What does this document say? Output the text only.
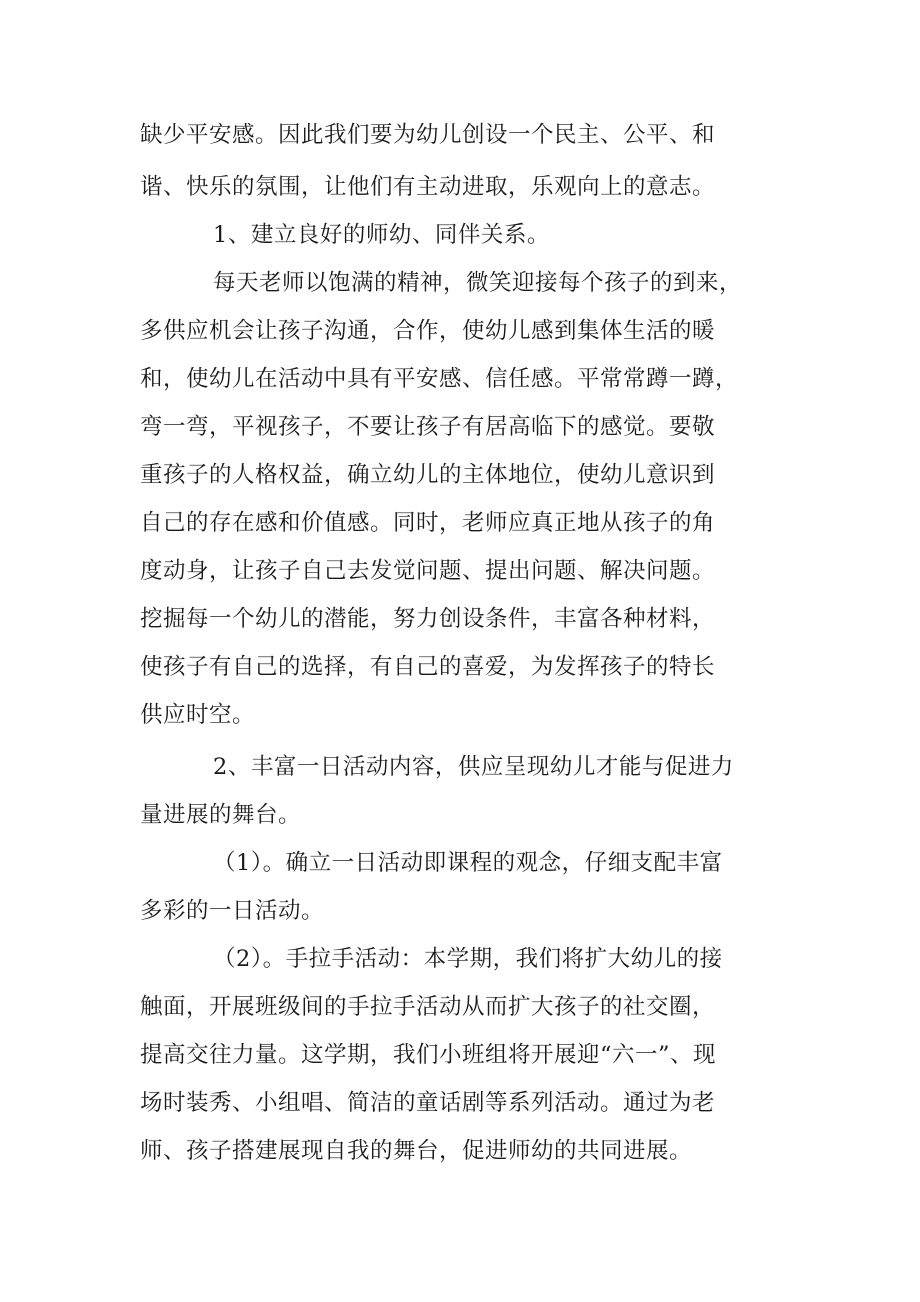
缺少平安感。因此我们要为幼儿创设一个民主、公平、和
谐、快乐的氛围，让他们有主动进取，乐观向上的意志。
1、建立良好的师幼、同伴关系。
每天老师以饱满的精神，微笑迎接每个孩子的到来，
多供应机会让孩子沟通，合作，使幼儿感到集体生活的暖
和，使幼儿在活动中具有平安感、信任感。平常常蹲一蹲，
弯一弯，平视孩子，不要让孩子有居高临下的感觉。要敬
重孩子的人格权益，确立幼儿的主体地位，使幼儿意识到
自己的存在感和价值感。同时，老师应真正地从孩子的角
度动身，让孩子自己去发觉问题、提出问题、解决问题。
挖掘每一个幼儿的潜能，努力创设条件，丰富各种材料，
使孩子有自己的选择，有自己的喜爱，为发挥孩子的特长
供应时空。
2、丰富一日活动内容，供应呈现幼儿才能与促进力
量进展的舞台。
（1）。确立一日活动即课程的观念，仔细支配丰富
多彩的一日活动。
（2）。手拉手活动：本学期，我们将扩大幼儿的接
触面，开展班级间的手拉手活动从而扩大孩子的社交圈，
提高交往力量。这学期，我们小班组将开展迎“六一”、现
场时装秀、小组唱、简洁的童话剧等系列活动。通过为老
师、孩子搭建展现自我的舞台，促进师幼的共同进展。
